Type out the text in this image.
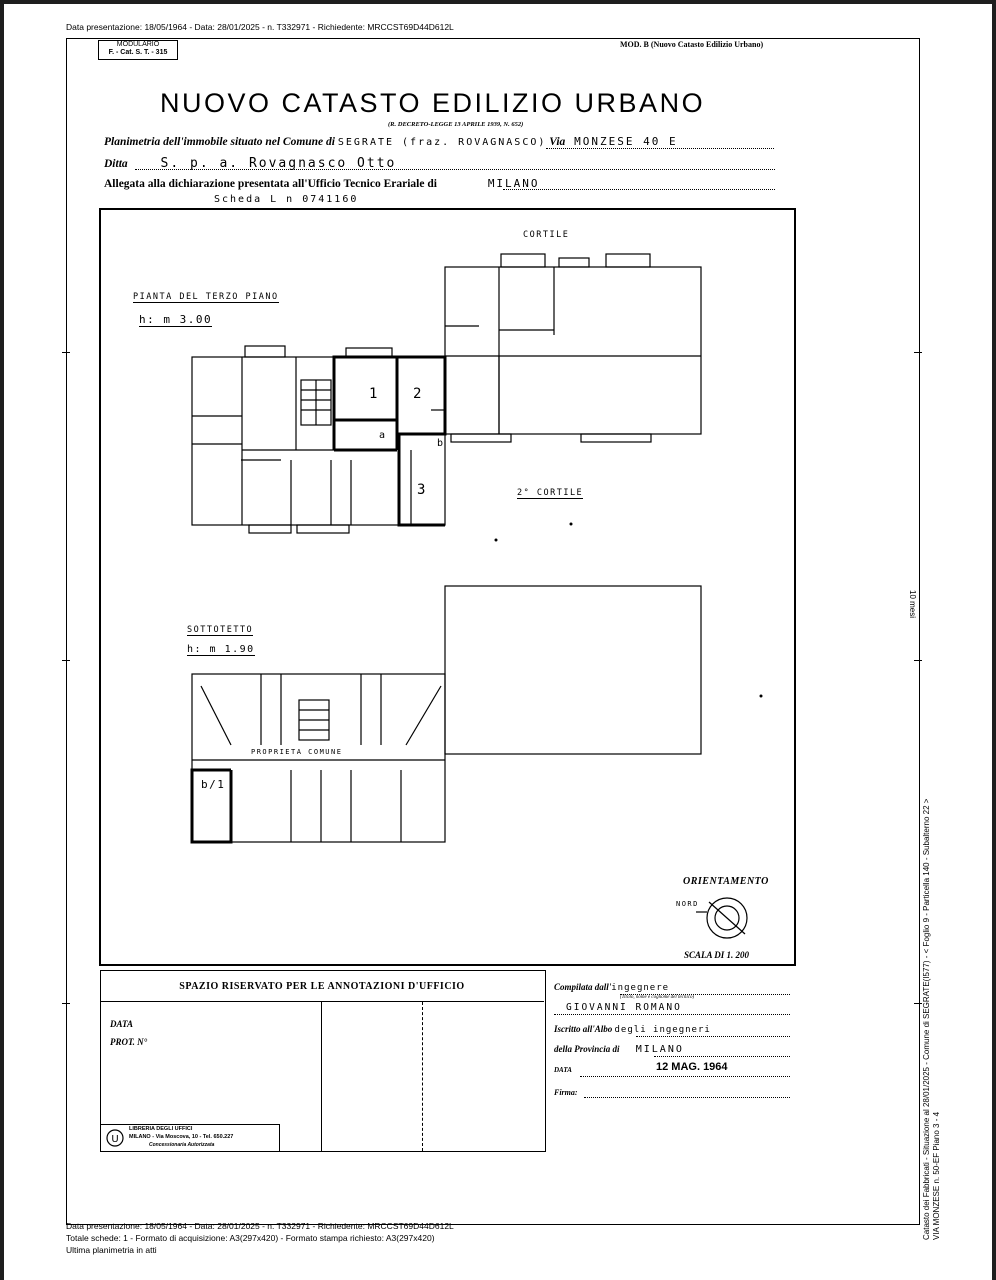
Data presentazione: 18/05/1964 - Data: 28/01/2025 - n. T332971 - Richiedente: MRCCST69D44D612L
MODULARIO
F. - Cat. S. T. - 315
MOD. B (Nuovo Catasto Edilizio Urbano)
NUOVO CATASTO EDILIZIO URBANO
(R. DECRETO-LEGGE 13 APRILE 1939, N. 652)
Planimetria dell'immobile situato nel Comune di SEGRATE (fraz. ROVAGNASCO) Via MONZESE 40 E
Ditta	S. p. a. Rovagnasco Otto
Allegata alla dichiarazione presentata all'Ufficio Tecnico Erariale di	MILANO
Scheda L n 0741160
CORTILE
PIANTA DEL TERZO PIANO
h: m 3.00
1 2
3
a
b
2° CORTILE
SOTTOTETTO
h: m 1.90
PROPRIETA COMUNE
b/1
ORIENTAMENTO
NORD
SCALA DI 1. 200
SPAZIO RISERVATO PER LE ANNOTAZIONI D'UFFICIO
DATA
PROT. N°
Compilata dall'ingegnere
(Titolo, nome e cognome del tecnico)
GIOVANNI ROMANO
Iscritto all'Albo degli ingegneri
della Provincia di MILANO
DATA	12 MAG. 1964
Firma:
U
LIBRERIA DEGLI UFFICI
MILANO - Via Moscova, 10 - Tel. 650.227
Concessionaria Autorizzata
Data presentazione: 18/05/1964 - Data: 28/01/2025 - n. T332971 - Richiedente: MRCCST69D44D612L
Totale schede: 1 - Formato di acquisizione: A3(297x420) - Formato stampa richiesto: A3(297x420)
Ultima planimetria in atti
Catasto dei Fabbricati - Situazione al 28/01/2025 - Comune di SEGRATE(I577) - < Foglio 9 - Particella 140 - Subalterno 22 > VIA MONZESE n. 50-EF Piano 3 - 4
10 mesi
